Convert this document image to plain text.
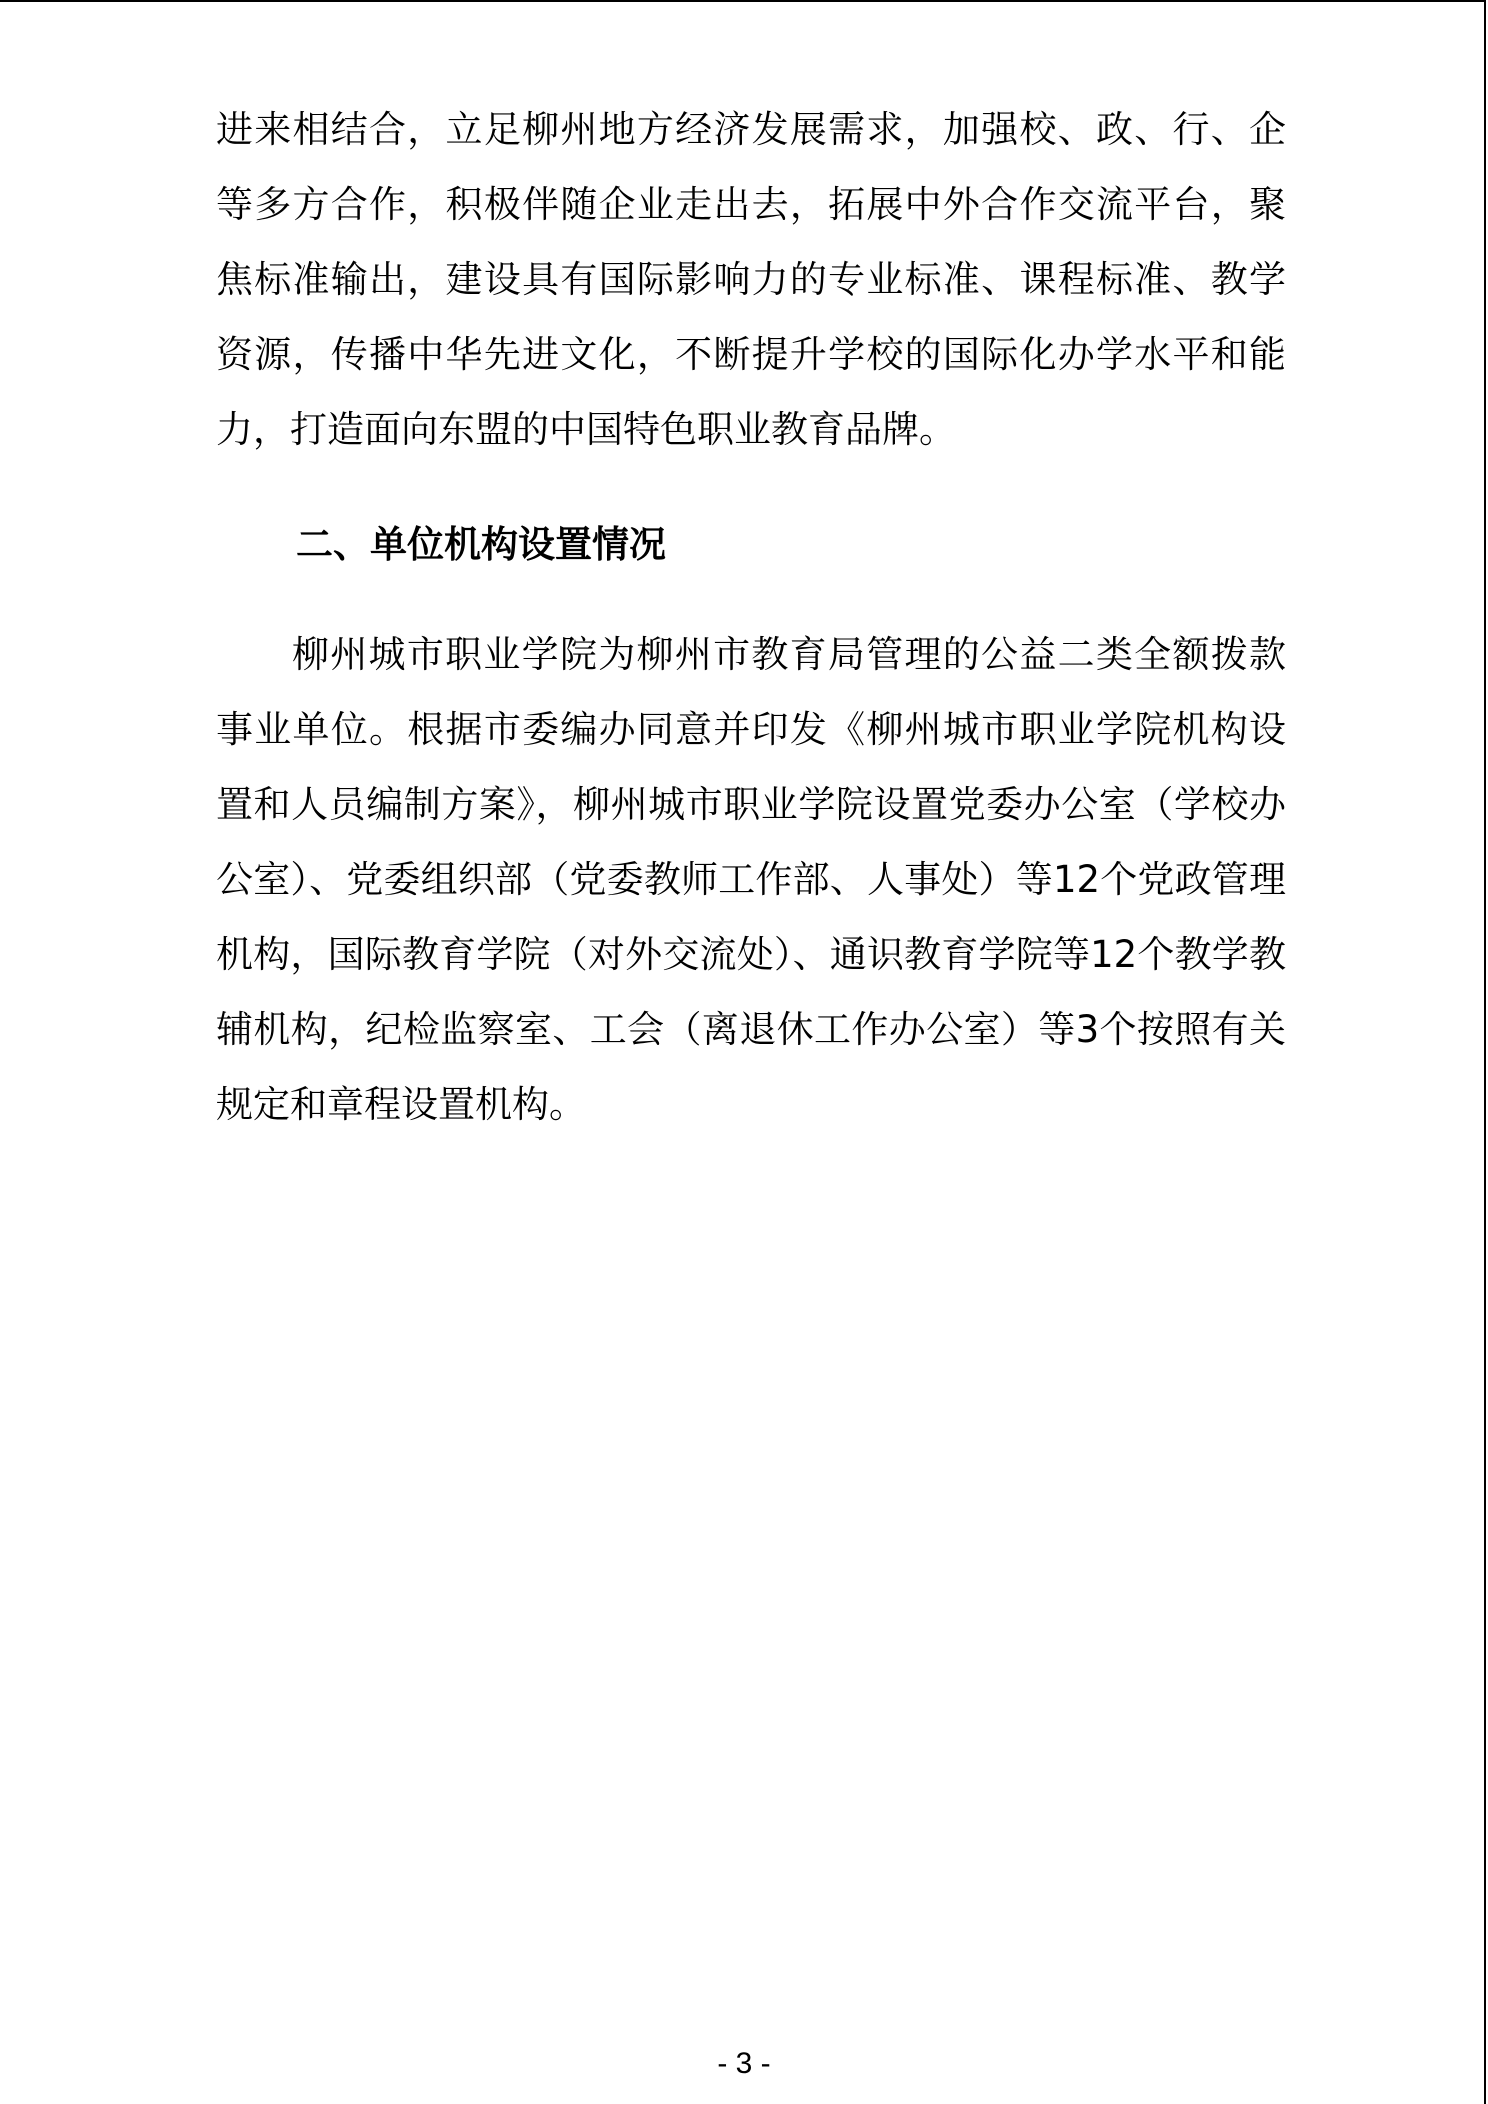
进来相结合，立足柳州地方经济发展需求，加强校、政、行、企等多方合作，积极伴随企业走出去，拓展中外合作交流平台，聚焦标准输出，建设具有国际影响力的专业标准、课程标准、教学资源，传播中华先进文化，不断提升学校的国际化办学水平和能力，打造面向东盟的中国特色职业教育品牌。

二、单位机构设置情况

柳州城市职业学院为柳州市教育局管理的公益二类全额拨款事业单位。根据市委编办同意并印发《柳州城市职业学院机构设置和人员编制方案》，柳州城市职业学院设置党委办公室（学校办公室）、党委组织部（党委教师工作部、人事处）等12个党政管理机构，国际教育学院（对外交流处）、通识教育学院等12个教学教辅机构，纪检监察室、工会（离退休工作办公室）等3个按照有关规定和章程设置机构。

- 3 -
